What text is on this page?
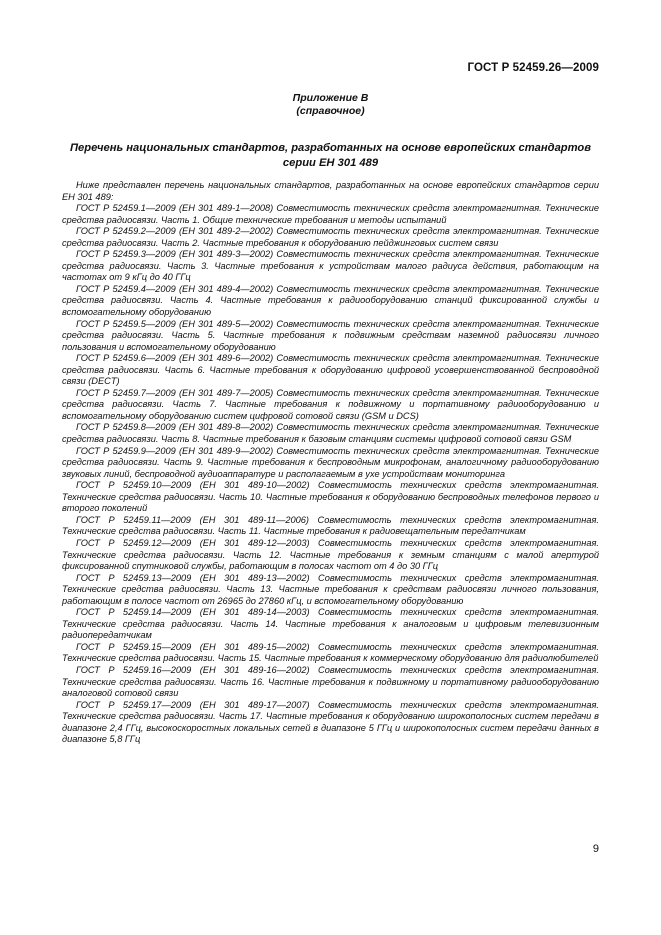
ГОСТ Р 52459.26—2009
Приложение В
(справочное)
Перечень национальных стандартов, разработанных на основе европейских стандартов серии ЕН 301 489

Ниже представлен перечень национальных стандартов, разработанных на основе европейских стандартов серии ЕН 301 489:

ГОСТ Р 52459.1—2009 (ЕН 301 489-1—2008) Совместимость технических средств электромагнитная. Технические средства радиосвязи. Часть 1. Общие технические требования и методы испытаний

ГОСТ Р 52459.2—2009 (ЕН 301 489-2—2002) Совместимость технических средств электромагнитная. Технические средства радиосвязи. Часть 2. Частные требования к оборудованию пейджинговых систем связи

ГОСТ Р 52459.3—2009 (ЕН 301 489-3—2002) Совместимость технических средств электромагнитная. Технические средства радиосвязи. Часть 3. Частные требования к устройствам малого радиуса действия, работающим на частотах от 9 кГц до 40 ГГц

ГОСТ Р 52459.4—2009 (ЕН 301 489-4—2002) Совместимость технических средств электромагнитная. Технические средства радиосвязи. Часть 4. Частные требования к радиооборудованию станций фиксированной службы и вспомогательному оборудованию

ГОСТ Р 52459.5—2009 (ЕН 301 489-5—2002) Совместимость технических средств электромагнитная. Технические средства радиосвязи. Часть 5. Частные требования к подвижным средствам наземной радиосвязи личного пользования и вспомогательному оборудованию

ГОСТ Р 52459.6—2009 (ЕН 301 489-6—2002) Совместимость технических средств электромагнитная. Технические средства радиосвязи. Часть 6. Частные требования к оборудованию цифровой усовершенствованной беспроводной связи (DECT)

ГОСТ Р 52459.7—2009 (ЕН 301 489-7—2005) Совместимость технических средств электромагнитная. Технические средства радиосвязи. Часть 7. Частные требования к подвижному и портативному радиооборудованию и вспомогательному оборудованию систем цифровой сотовой связи (GSM и DCS)

ГОСТ Р 52459.8—2009 (ЕН 301 489-8—2002) Совместимость технических средств электромагнитная. Технические средства радиосвязи. Часть 8. Частные требования к базовым станциям системы цифровой сотовой связи GSM

ГОСТ Р 52459.9—2009 (ЕН 301 489-9—2002) Совместимость технических средств электромагнитная. Технические средства радиосвязи. Часть 9. Частные требования к беспроводным микрофонам, аналогичному радиооборудованию звуковых линий, беспроводной аудиоаппаратуре и располагаемым в ухе устройствам мониторинга

ГОСТ Р 52459.10—2009 (ЕН 301 489-10—2002) Совместимость технических средств электромагнитная. Технические средства радиосвязи. Часть 10. Частные требования к оборудованию беспроводных телефонов первого и второго поколений

ГОСТ Р 52459.11—2009 (ЕН 301 489-11—2006) Совместимость технических средств электромагнитная. Технические средства радиосвязи. Часть 11. Частные требования к радиовещательным передатчикам

ГОСТ Р 52459.12—2009 (ЕН 301 489-12—2003) Совместимость технических средств электромагнитная. Технические средства радиосвязи. Часть 12. Частные требования к земным станциям с малой апертурой фиксированной спутниковой службы, работающим в полосах частот от 4 до 30 ГГц

ГОСТ Р 52459.13—2009 (ЕН 301 489-13—2002) Совместимость технических средств электромагнитная. Технические средства радиосвязи. Часть 13. Частные требования к средствам радиосвязи личного пользования, работающим в полосе частот от 26965 до 27860 кГц, и вспомогательному оборудованию

ГОСТ Р 52459.14—2009 (ЕН 301 489-14—2003) Совместимость технических средств электромагнитная. Технические средства радиосвязи. Часть 14. Частные требования к аналоговым и цифровым телевизионным радиопередатчикам

ГОСТ Р 52459.15—2009 (ЕН 301 489-15—2002) Совместимость технических средств электромагнитная. Технические средства радиосвязи. Часть 15. Частные требования к коммерческому оборудованию для радиолюбителей

ГОСТ Р 52459.16—2009 (ЕН 301 489-16—2002) Совместимость технических средств электромагнитная. Технические средства радиосвязи. Часть 16. Частные требования к подвижному и портативному радиооборудованию аналоговой сотовой связи

ГОСТ Р 52459.17—2009 (ЕН 301 489-17—2007) Совместимость технических средств электромагнитная. Технические средства радиосвязи. Часть 17. Частные требования к оборудованию широкополосных систем передачи в диапазоне 2,4 ГГц, высокоскоростных локальных сетей в диапазоне 5 ГГц и широкополосных систем передачи данных в диапазоне 5,8 ГГц

9
